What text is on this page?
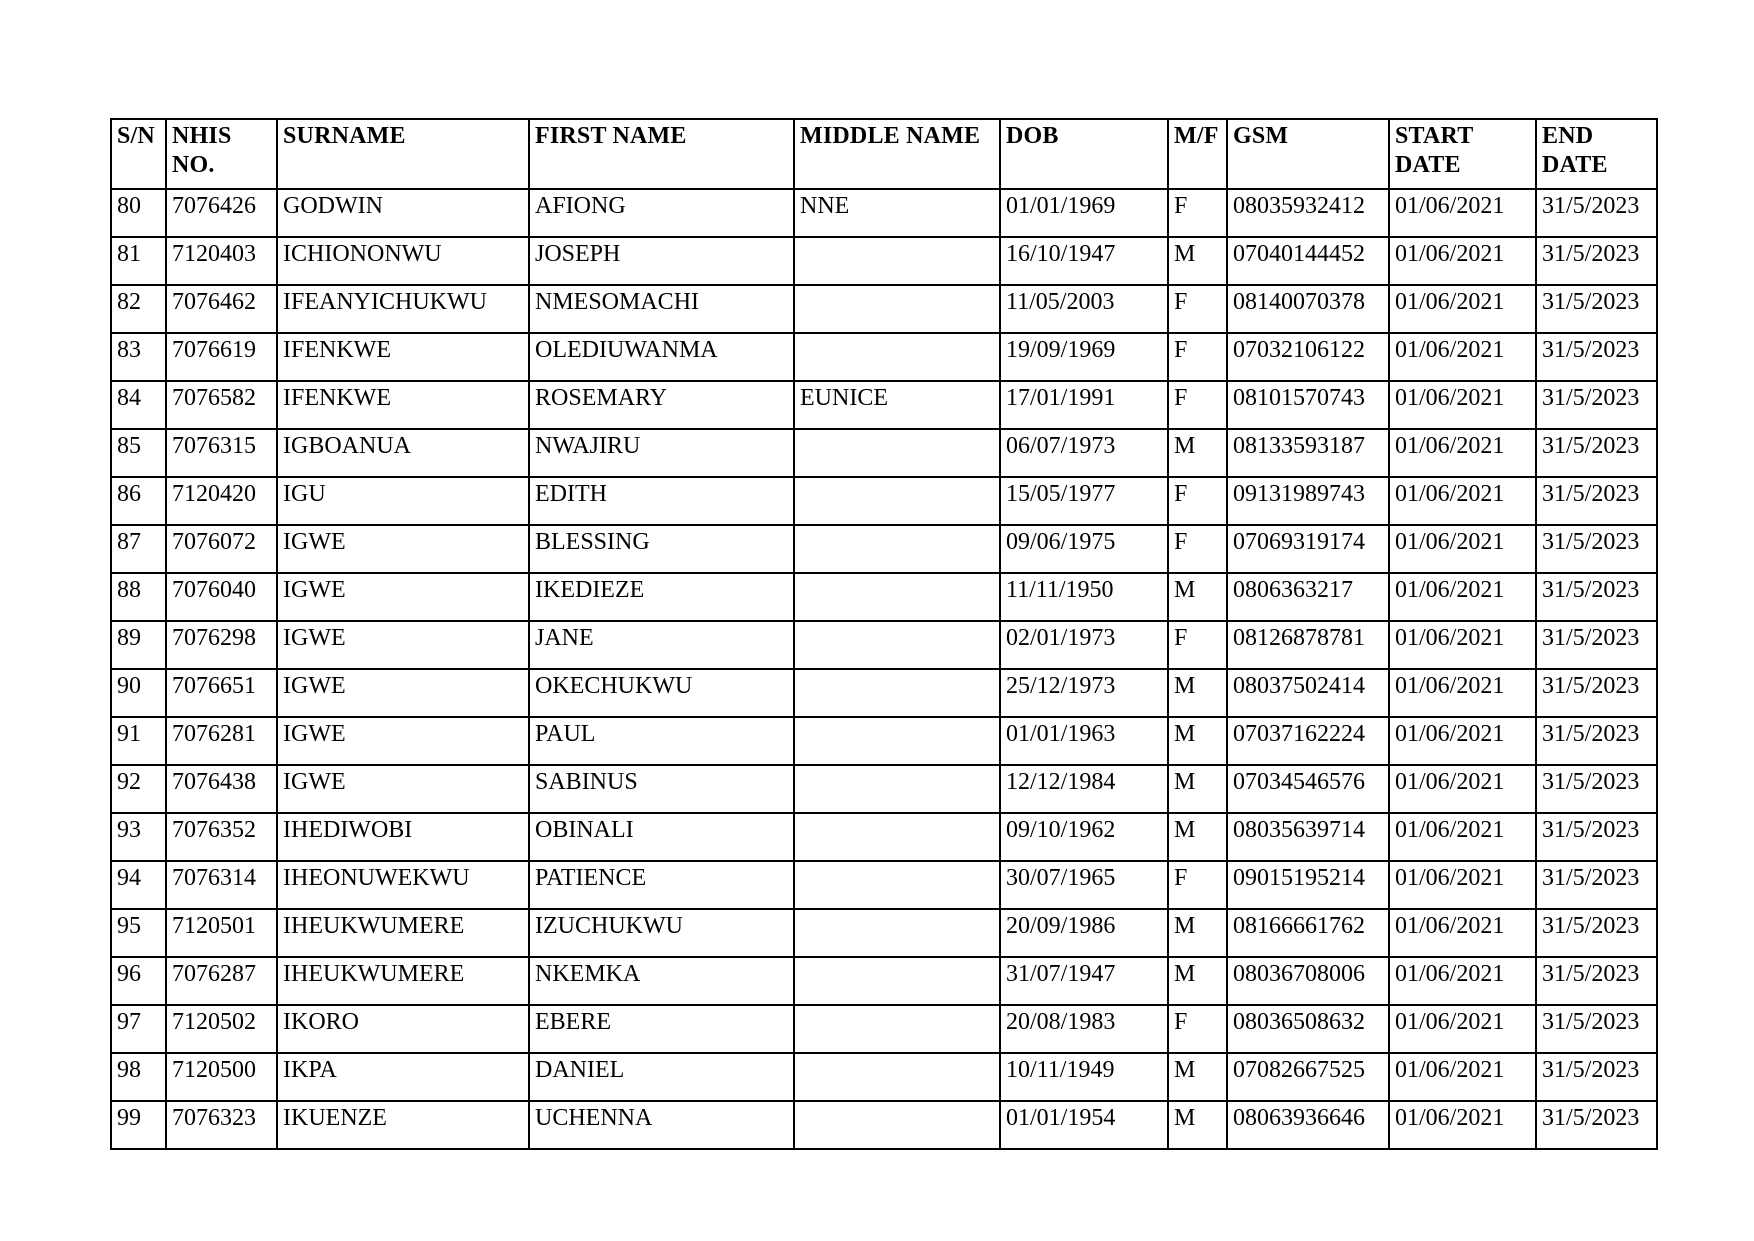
S/N	NHIS NO.	SURNAME	FIRST NAME	MIDDLE NAME	DOB	M/F	GSM	START DATE	END DATE
80	7076426	GODWIN	AFIONG	NNE	01/01/1969	F	08035932412	01/06/2021	31/5/2023
81	7120403	ICHIONONWU	JOSEPH		16/10/1947	M	07040144452	01/06/2021	31/5/2023
82	7076462	IFEANYICHUKWU	NMESOMACHI		11/05/2003	F	08140070378	01/06/2021	31/5/2023
83	7076619	IFENKWE	OLEDIUWANMA		19/09/1969	F	07032106122	01/06/2021	31/5/2023
84	7076582	IFENKWE	ROSEMARY	EUNICE	17/01/1991	F	08101570743	01/06/2021	31/5/2023
85	7076315	IGBOANUA	NWAJIRU		06/07/1973	M	08133593187	01/06/2021	31/5/2023
86	7120420	IGU	EDITH		15/05/1977	F	09131989743	01/06/2021	31/5/2023
87	7076072	IGWE	BLESSING		09/06/1975	F	07069319174	01/06/2021	31/5/2023
88	7076040	IGWE	IKEDIEZE		11/11/1950	M	0806363217	01/06/2021	31/5/2023
89	7076298	IGWE	JANE		02/01/1973	F	08126878781	01/06/2021	31/5/2023
90	7076651	IGWE	OKECHUKWU		25/12/1973	M	08037502414	01/06/2021	31/5/2023
91	7076281	IGWE	PAUL		01/01/1963	M	07037162224	01/06/2021	31/5/2023
92	7076438	IGWE	SABINUS		12/12/1984	M	07034546576	01/06/2021	31/5/2023
93	7076352	IHEDIWOBI	OBINALI		09/10/1962	M	08035639714	01/06/2021	31/5/2023
94	7076314	IHEONUWEKWU	PATIENCE		30/07/1965	F	09015195214	01/06/2021	31/5/2023
95	7120501	IHEUKWUMERE	IZUCHUKWU		20/09/1986	M	08166661762	01/06/2021	31/5/2023
96	7076287	IHEUKWUMERE	NKEMKA		31/07/1947	M	08036708006	01/06/2021	31/5/2023
97	7120502	IKORO	EBERE		20/08/1983	F	08036508632	01/06/2021	31/5/2023
98	7120500	IKPA	DANIEL		10/11/1949	M	07082667525	01/06/2021	31/5/2023
99	7076323	IKUENZE	UCHENNA		01/01/1954	M	08063936646	01/06/2021	31/5/2023
